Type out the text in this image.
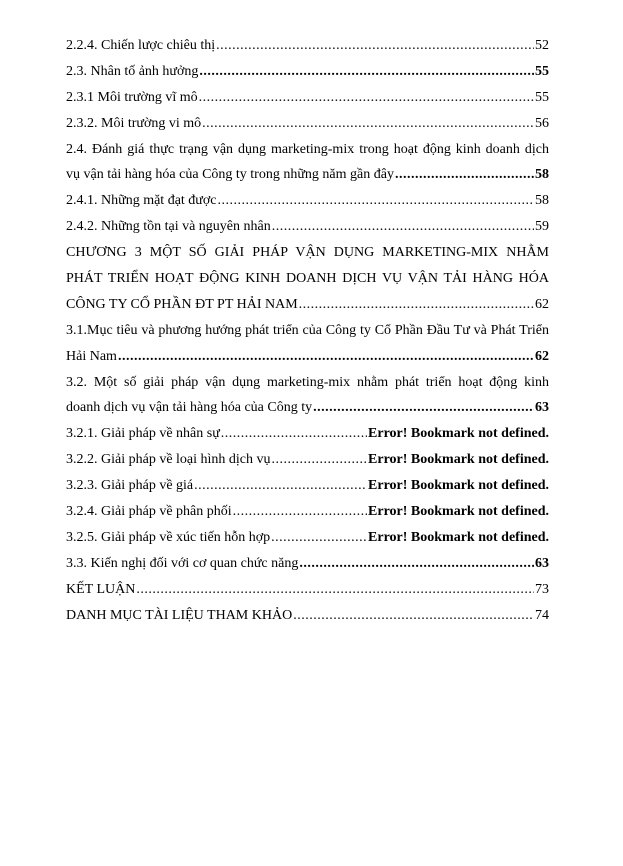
2.2.4. Chiến lược chiêu thị .....	52
2.3. Nhân tố ảnh hưởng .....	55
2.3.1 Môi trường vĩ mô .....	55
2.3.2. Môi trường vi mô .....	56
2.4. Đánh giá thực trạng vận dụng marketing-mix trong hoạt động kinh doanh dịch
vụ vận tải hàng hóa của Công ty trong những năm gần đây .....	58
2.4.1. Những mặt đạt được .....	58
2.4.2. Những tồn tại và nguyên nhân .....	59
CHƯƠNG 3 MỘT SỐ GIẢI PHÁP VẬN DỤNG MARKETING-MIX NHẰM
PHÁT TRIỂN HOẠT ĐỘNG KINH DOANH DỊCH VỤ VẬN TẢI HÀNG HÓA
CÔNG TY CỔ PHẦN ĐT PT HẢI NAM .....	62
3.1.Mục tiêu và phương hướng phát triển của Công ty Cổ Phần Đầu Tư và Phát Triển
Hải Nam .....	62
3.2. Một số giải pháp vận dụng marketing-mix nhằm phát triển hoạt động kinh
doanh dịch vụ vận tải hàng hóa của Công ty .....	63
3.2.1. Giải pháp về nhân sự .....	Error! Bookmark not defined.
3.2.2. Giải pháp về loại hình dịch vụ .....	Error! Bookmark not defined.
3.2.3. Giải pháp về giá .....	Error! Bookmark not defined.
3.2.4. Giải pháp về phân phối .....	Error! Bookmark not defined.
3.2.5. Giải pháp về xúc tiến hỗn hợp .....	Error! Bookmark not defined.
3.3. Kiến nghị đối với cơ quan chức năng .....	63
KẾT LUẬN .....	73
DANH MỤC TÀI LIỆU THAM KHẢO .....	74
